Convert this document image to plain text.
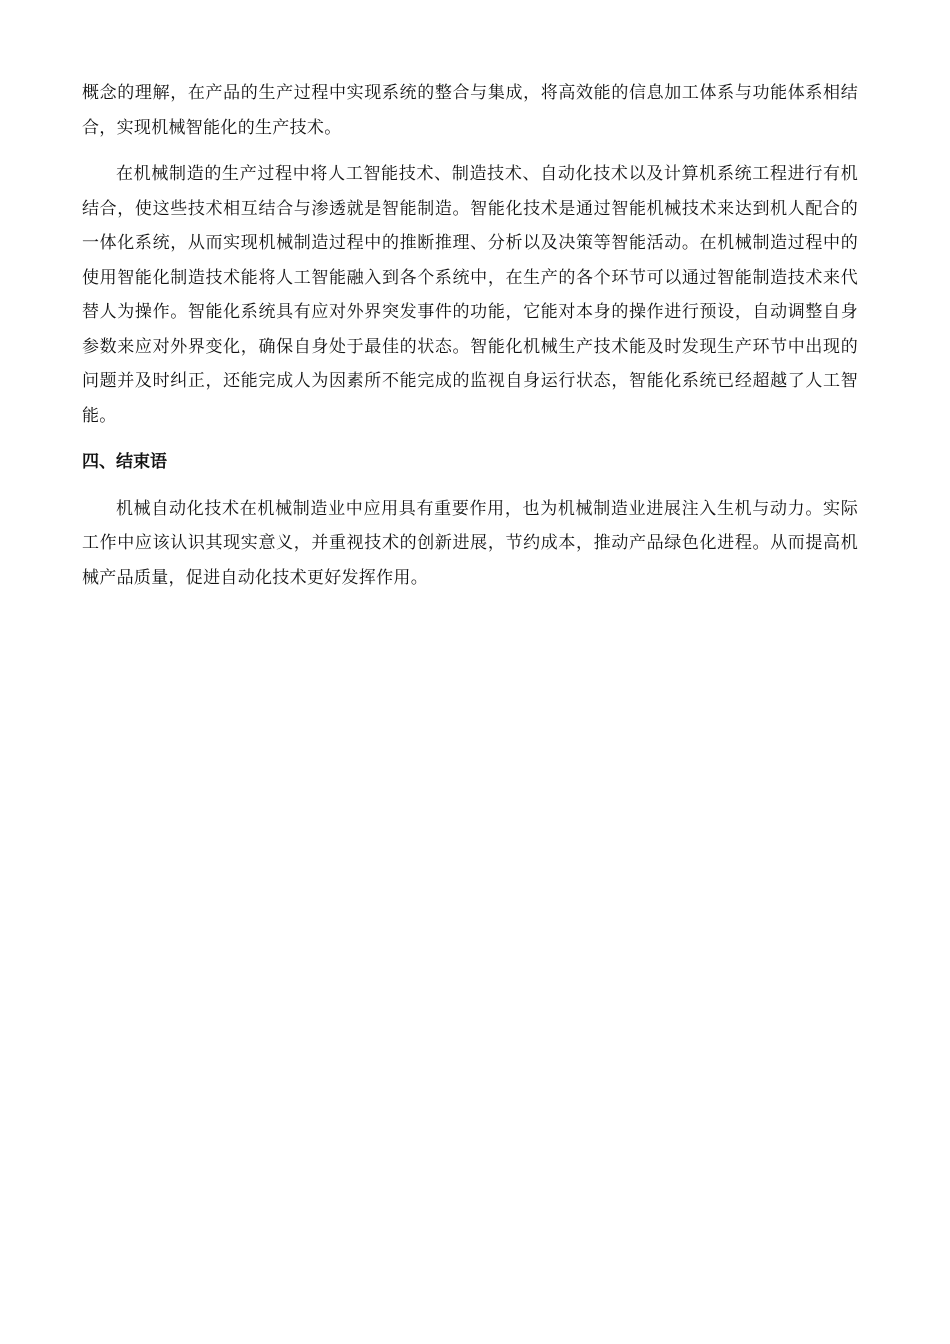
概念的理解，在产品的生产过程中实现系统的整合与集成，将高效能的信息加工体系与功能体系相结合，实现机械智能化的生产技术。

在机械制造的生产过程中将人工智能技术、制造技术、自动化技术以及计算机系统工程进行有机结合，使这些技术相互结合与渗透就是智能制造。智能化技术是通过智能机械技术来达到机人配合的一体化系统，从而实现机械制造过程中的推断推理、分析以及决策等智能活动。在机械制造过程中的使用智能化制造技术能将人工智能融入到各个系统中，在生产的各个环节可以通过智能制造技术来代替人为操作。智能化系统具有应对外界突发事件的功能，它能对本身的操作进行预设，自动调整自身参数来应对外界变化，确保自身处于最佳的状态。智能化机械生产技术能及时发现生产环节中出现的问题并及时纠正，还能完成人为因素所不能完成的监视自身运行状态，智能化系统已经超越了人工智能。

四、结束语

机械自动化技术在机械制造业中应用具有重要作用，也为机械制造业进展注入生机与动力。实际工作中应该认识其现实意义，并重视技术的创新进展，节约成本，推动产品绿色化进程。从而提高机械产品质量，促进自动化技术更好发挥作用。
